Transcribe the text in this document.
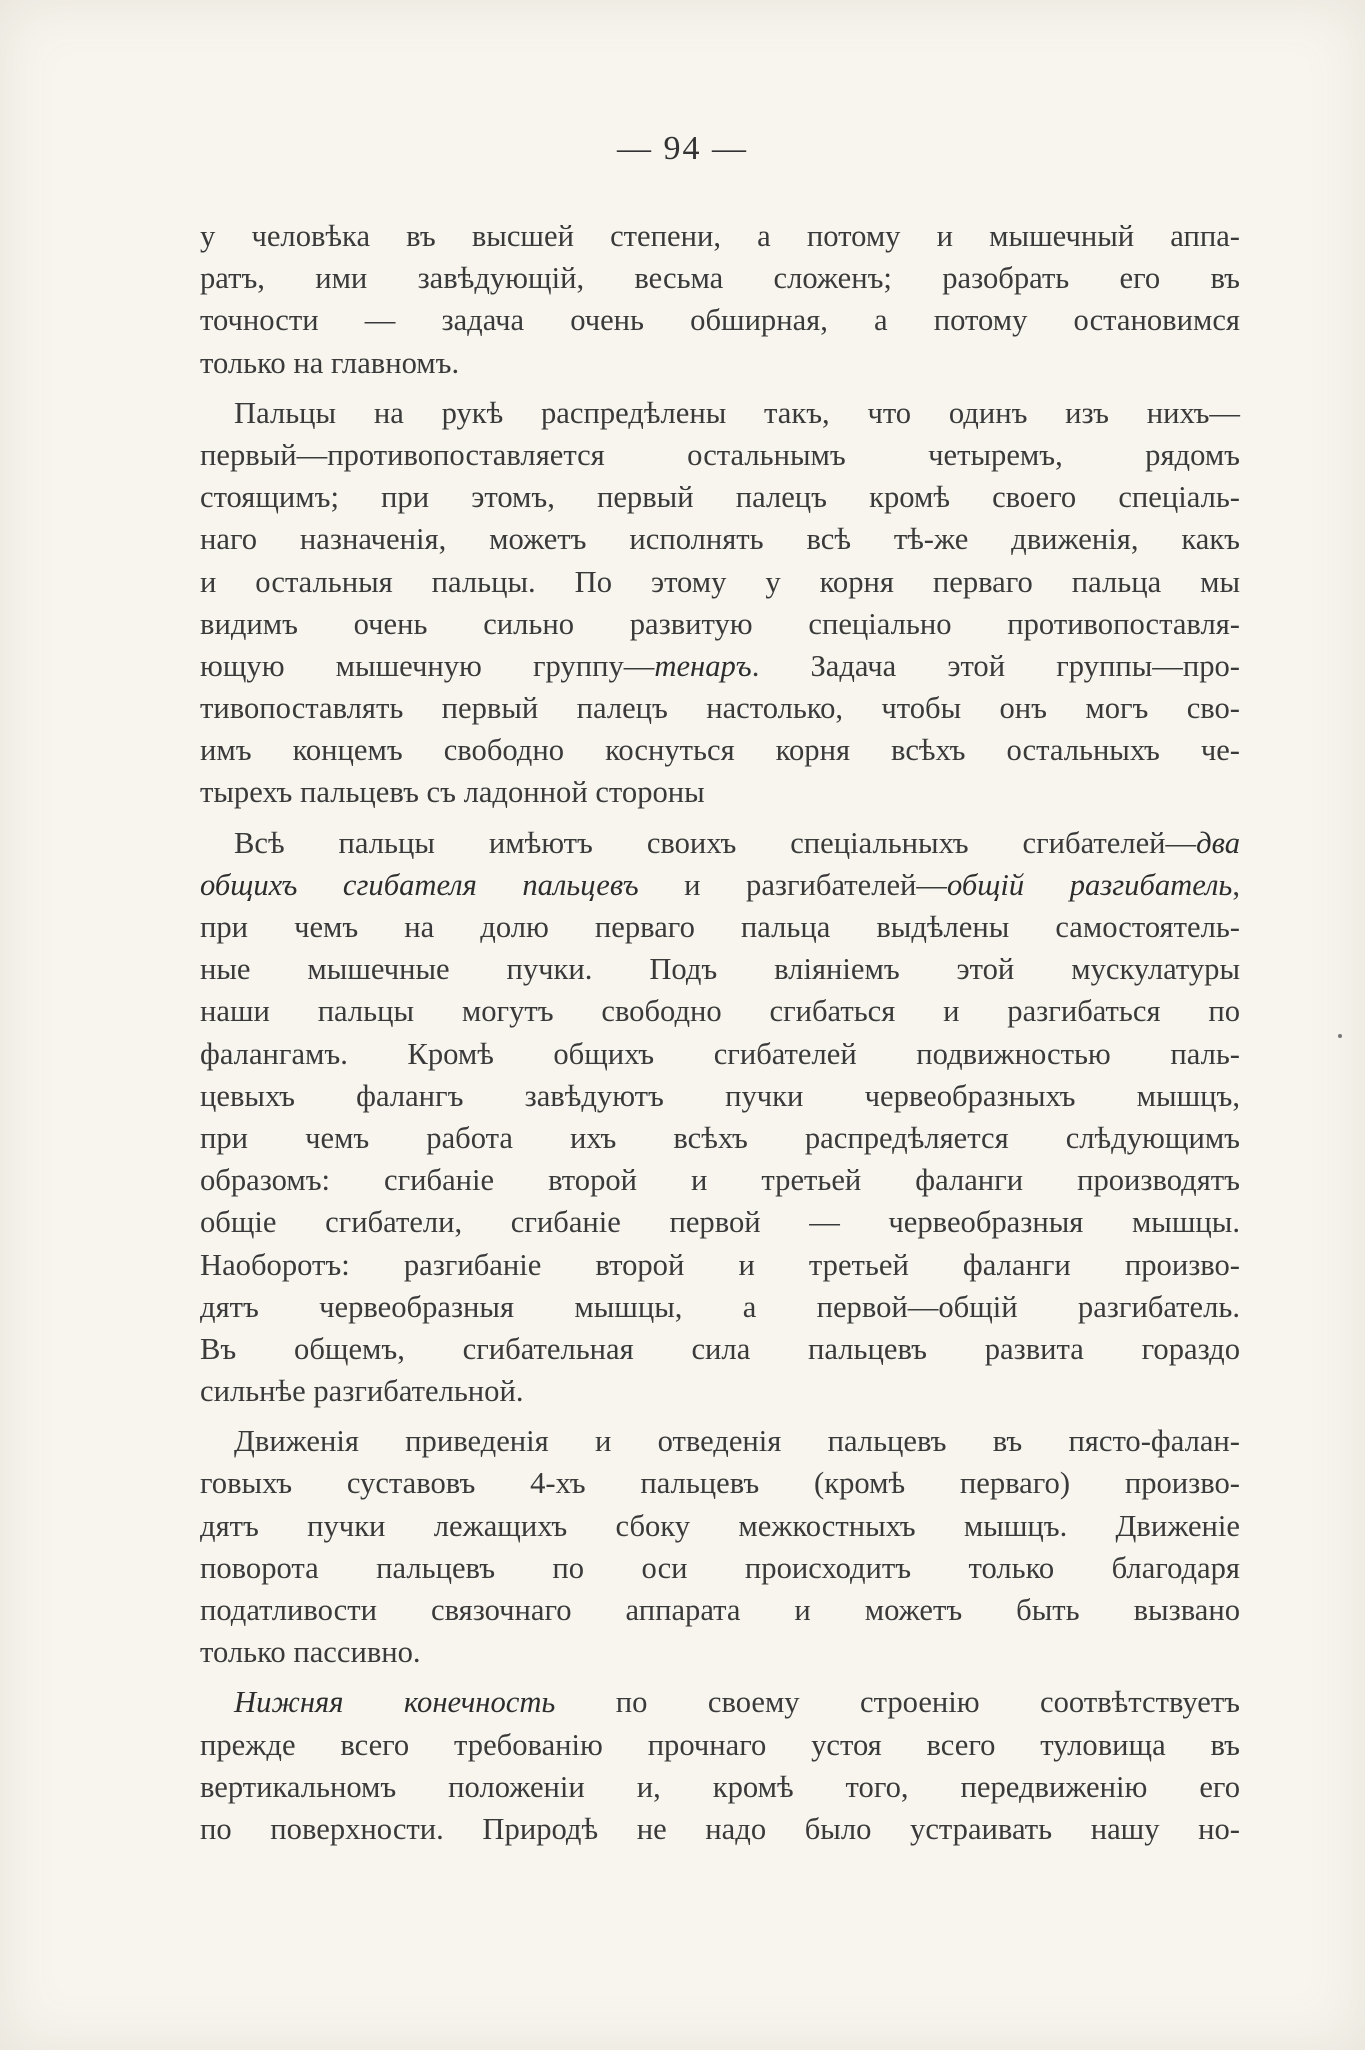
— 94 —
у человѣка въ высшей степени, а потому и мышечный аппа-
ратъ, ими завѣдующій, весьма сложенъ; разобрать его въ
точности — задача очень обширная, а потому остановимся
только на главномъ.
Пальцы на рукѣ распредѣлены такъ, что одинъ изъ нихъ—
первый—противопоставляется остальнымъ четыремъ, рядомъ
стоящимъ; при этомъ, первый палецъ кромѣ своего спеціаль-
наго назначенія, можетъ исполнять всѣ тѣ-же движенія, какъ
и остальныя пальцы. По этому у корня перваго пальца мы
видимъ очень сильно развитую спеціально противопоставля-
ющую мышечную группу—тенаръ. Задача этой группы—про-
тивопоставлять первый палецъ настолько, чтобы онъ могъ сво-
имъ концемъ свободно коснуться корня всѣхъ остальныхъ че-
тырехъ пальцевъ съ ладонной стороны
Всѣ пальцы имѣютъ своихъ спеціальныхъ сгибателей—два
общихъ сгибателя пальцевъ и разгибателей—общій разгибатель,
при чемъ на долю перваго пальца выдѣлены самостоятель-
ные мышечные пучки. Подъ вліяніемъ этой мускулатуры
наши пальцы могутъ свободно сгибаться и разгибаться по
фалангамъ. Кромѣ общихъ сгибателей подвижностью паль-
цевыхъ фалангъ завѣдуютъ пучки червеобразныхъ мышцъ,
при чемъ работа ихъ всѣхъ распредѣляется слѣдующимъ
образомъ: сгибаніе второй и третьей фаланги производятъ
общіе сгибатели, сгибаніе первой — червеобразныя мышцы.
Наоборотъ: разгибаніе второй и третьей фаланги произво-
дятъ червеобразныя мышцы, а первой—общій разгибатель.
Въ общемъ, сгибательная сила пальцевъ развита гораздо
сильнѣе разгибательной.
Движенія приведенія и отведенія пальцевъ въ пясто-фалан-
говыхъ суставовъ 4-хъ пальцевъ (кромѣ перваго) произво-
дятъ пучки лежащихъ сбоку межкостныхъ мышцъ. Движеніе
поворота пальцевъ по оси происходитъ только благодаря
податливости связочнаго аппарата и можетъ быть вызвано
только пассивно.
Нижняя конечность по своему строенію соотвѣтствуетъ
прежде всего требованію прочнаго устоя всего туловища въ
вертикальномъ положеніи и, кромѣ того, передвиженію его
по поверхности. Природѣ не надо было устраивать нашу но-
